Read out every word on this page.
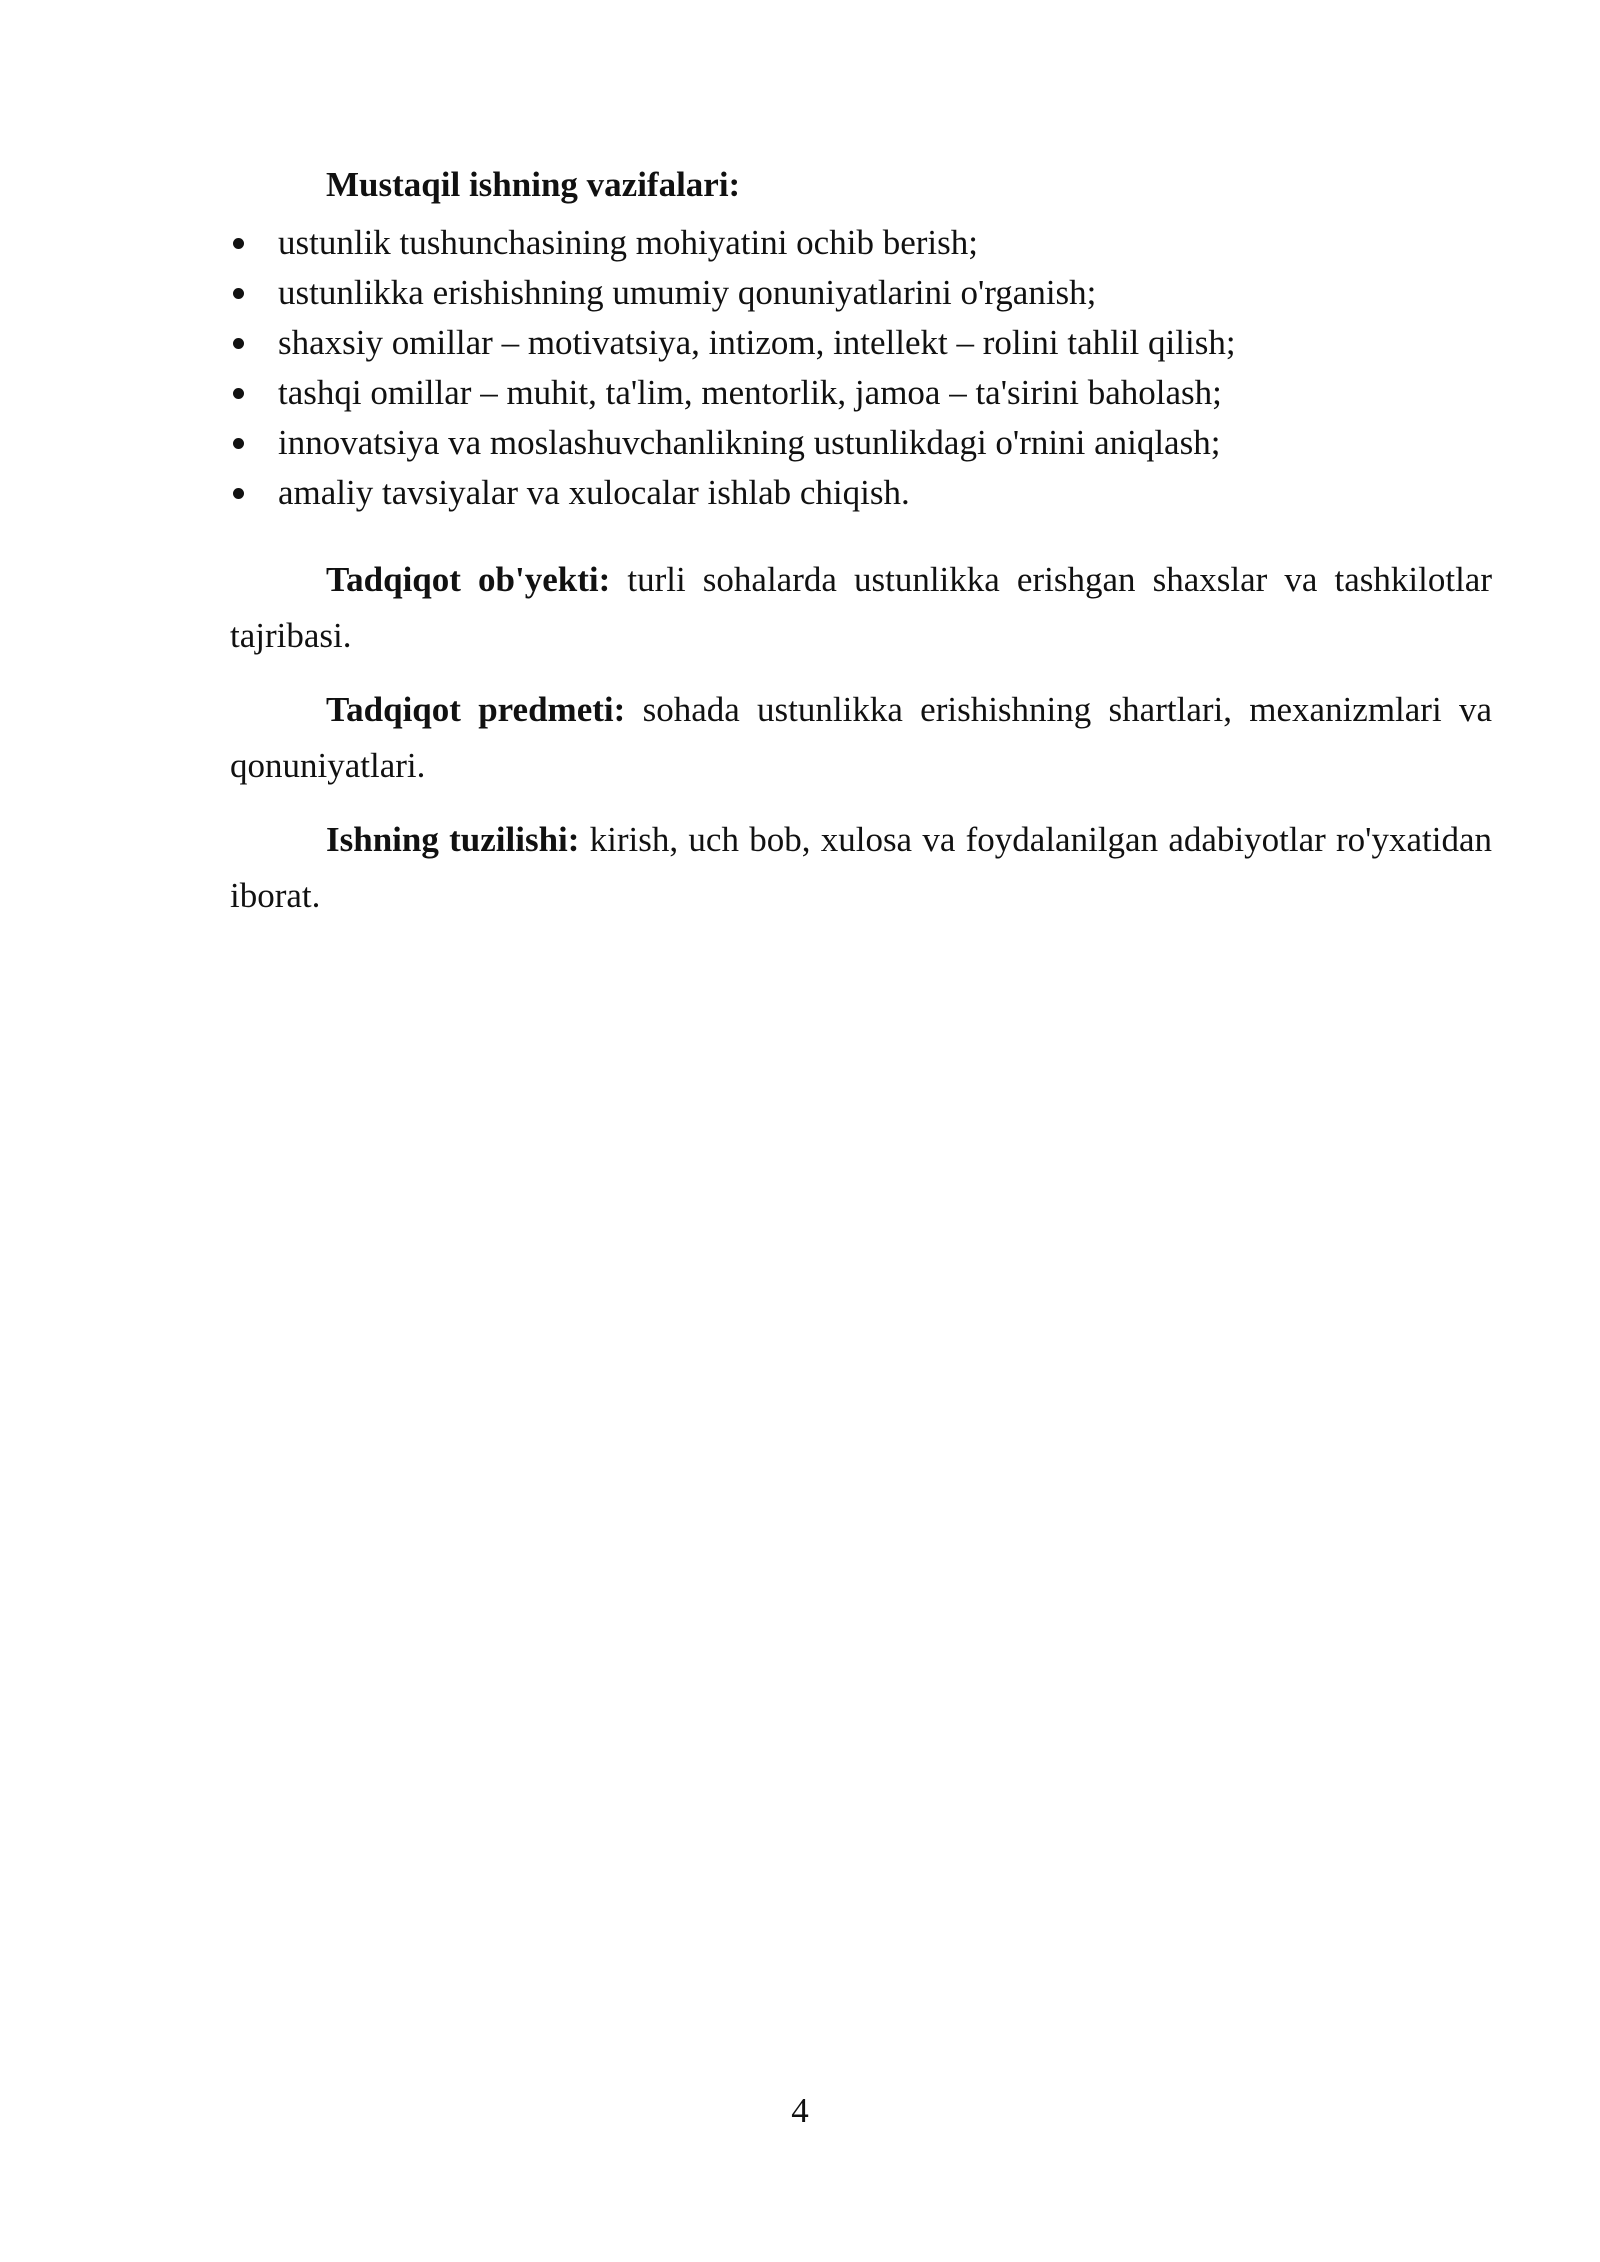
Mustaqil ishning vazifalari:

ustunlik tushunchasining mohiyatini ochib berish;
ustunlikka erishishning umumiy qonuniyatlarini o'rganish;
shaxsiy omillar – motivatsiya, intizom, intellekt – rolini tahlil qilish;
tashqi omillar – muhit, ta'lim, mentorlik, jamoa – ta'sirini baholash;
innovatsiya va moslashuvchanlikning ustunlikdagi o'rnini aniqlash;
amaliy tavsiyalar va xulocalar ishlab chiqish.

Tadqiqot ob'yekti: turli sohalarda ustunlikka erishgan shaxslar va tashkilotlar tajribasi.

Tadqiqot predmeti: sohada ustunlikka erishishning shartlari, mexanizmlari va qonuniyatlari.

Ishning tuzilishi: kirish, uch bob, xulosa va foydalanilgan adabiyotlar ro'yxatidan iborat.

4
